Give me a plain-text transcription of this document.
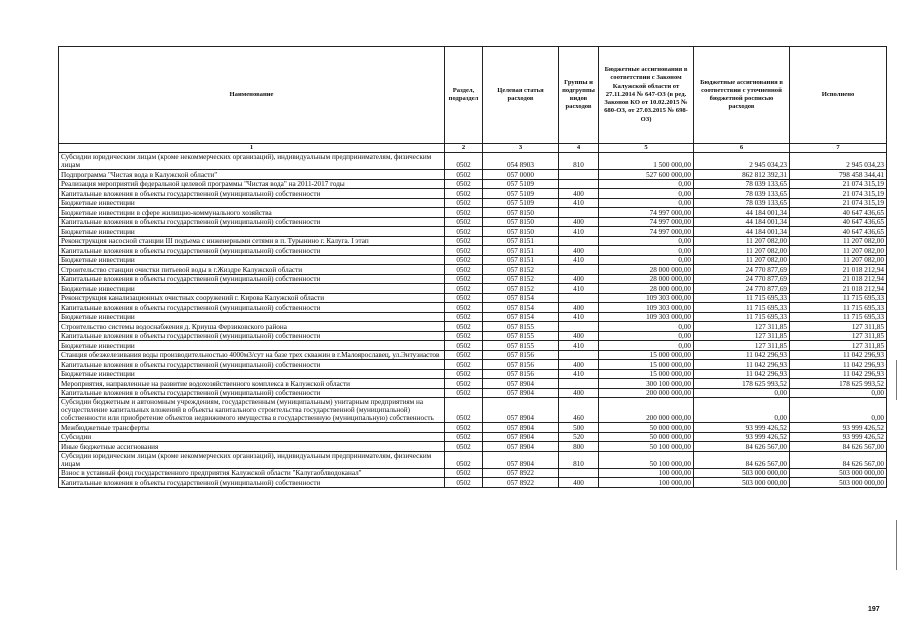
Наименование	Раздел, подраздел	Целевая статья расходов	Группы и подгруппы видов расходов	Бюджетные ассигнования в соответствии с Законом Калужской области от 27.11.2014 № 647-ОЗ (в ред. Законов КО от 10.02.2015 № 680-ОЗ, от 27.03.2015 № 698-ОЗ)	Бюджетные ассигнования в соответствии с уточненной бюджетной росписью расходов	Исполнено
1	2	3	4	5	6	7
Субсидии юридическим лицам (кроме некоммерческих организаций), индивидуальным предпринимателям, физическим лицам	0502	054 8903	810	1 500 000,00	2 945 034,23	2 945 034,23
Подпрограмма "Чистая вода в Калужской области"	0502	057 0000		527 600 000,00	862 812 392,31	798 458 344,41
Реализация мероприятий федеральной целевой программы "Чистая вода" на 2011-2017 годы	0502	057 5109		0,00	78 039 133,65	21 074 315,19
Капитальные вложения в объекты государственной (муниципальной) собственности	0502	057 5109	400	0,00	78 039 133,65	21 074 315,19
Бюджетные инвестиции	0502	057 5109	410	0,00	78 039 133,65	21 074 315,19
Бюджетные инвестиции в сфере жилищно-коммунального хозяйства	0502	057 8150		74 997 000,00	44 184 001,34	40 647 436,65
Капитальные вложения в объекты государственной (муниципальной) собственности	0502	057 8150	400	74 997 000,00	44 184 001,34	40 647 436,65
Бюджетные инвестиции	0502	057 8150	410	74 997 000,00	44 184 001,34	40 647 436,65
Реконструкция насосной станции III подъема с инженерными сетями в п. Турынино г. Калуга. I этап	0502	057 8151		0,00	11 207 082,00	11 207 082,00
Капитальные вложения в объекты государственной (муниципальной) собственности	0502	057 8151	400	0,00	11 207 082,00	11 207 082,00
Бюджетные инвестиции	0502	057 8151	410	0,00	11 207 082,00	11 207 082,00
Строительство станции очистки питьевой воды в г.Жиздре Калужской области	0502	057 8152		28 000 000,00	24 770 877,69	21 018 212,94
Капитальные вложения в объекты государственной (муниципальной) собственности	0502	057 8152	400	28 000 000,00	24 770 877,69	21 018 212,94
Бюджетные инвестиции	0502	057 8152	410	28 000 000,00	24 770 877,69	21 018 212,94
Реконструкция канализационных очистных сооружений г. Кирова Калужской области	0502	057 8154		109 303 000,00	11 715 695,33	11 715 695,33
Капитальные вложения в объекты государственной (муниципальной) собственности	0502	057 8154	400	109 303 000,00	11 715 695,33	11 715 695,33
Бюджетные инвестиции	0502	057 8154	410	109 303 000,00	11 715 695,33	11 715 695,33
Строительство системы водоснабжения д. Криуша Ферзиковского района	0502	057 8155		0,00	127 311,85	127 311,85
Капитальные вложения в объекты государственной (муниципальной) собственности	0502	057 8155	400	0,00	127 311,85	127 311,85
Бюджетные инвестиции	0502	057 8155	410	0,00	127 311,85	127 311,85
Станция обезжелезивания воды производительностью 4000м3/сут на базе трех скважин в г.Малоярославец, ул.Энтузиастов	0502	057 8156		15 000 000,00	11 042 296,93	11 042 296,93
Капитальные вложения в объекты государственной (муниципальной) собственности	0502	057 8156	400	15 000 000,00	11 042 296,93	11 042 296,93
Бюджетные инвестиции	0502	057 8156	410	15 000 000,00	11 042 296,93	11 042 296,93
Мероприятия, направленные на развитие водохозяйственного комплекса в Калужской области	0502	057 8904		300 100 000,00	178 625 993,52	178 625 993,52
Капитальные вложения в объекты государственной (муниципальной) собственности	0502	057 8904	400	200 000 000,00	0,00	0,00
Субсидии бюджетным и автономным учреждениям, государственным (муниципальным) унитарным предприятиям на осуществление капитальных вложений в объекты капитального строительства государственной (муниципальной) собственности или приобретение объектов недвижимого имущества в государственную (муниципальную) собственность	0502	057 8904	460	200 000 000,00	0,00	0,00
Межбюджетные трансферты	0502	057 8904	500	50 000 000,00	93 999 426,52	93 999 426,52
Субсидии	0502	057 8904	520	50 000 000,00	93 999 426,52	93 999 426,52
Иные бюджетные ассигнования	0502	057 8904	800	50 100 000,00	84 626 567,00	84 626 567,00
Субсидии юридическим лицам (кроме некоммерческих организаций), индивидуальным предпринимателям, физическим лицам	0502	057 8904	810	50 100 000,00	84 626 567,00	84 626 567,00
Взнос в уставный фонд государственного предприятия Калужской области "Калугаоблводоканал"	0502	057 8922		100 000,00	503 000 000,00	503 000 000,00
Капитальные вложения в объекты государственной (муниципальной) собственности	0502	057 8922	400	100 000,00	503 000 000,00	503 000 000,00
197
